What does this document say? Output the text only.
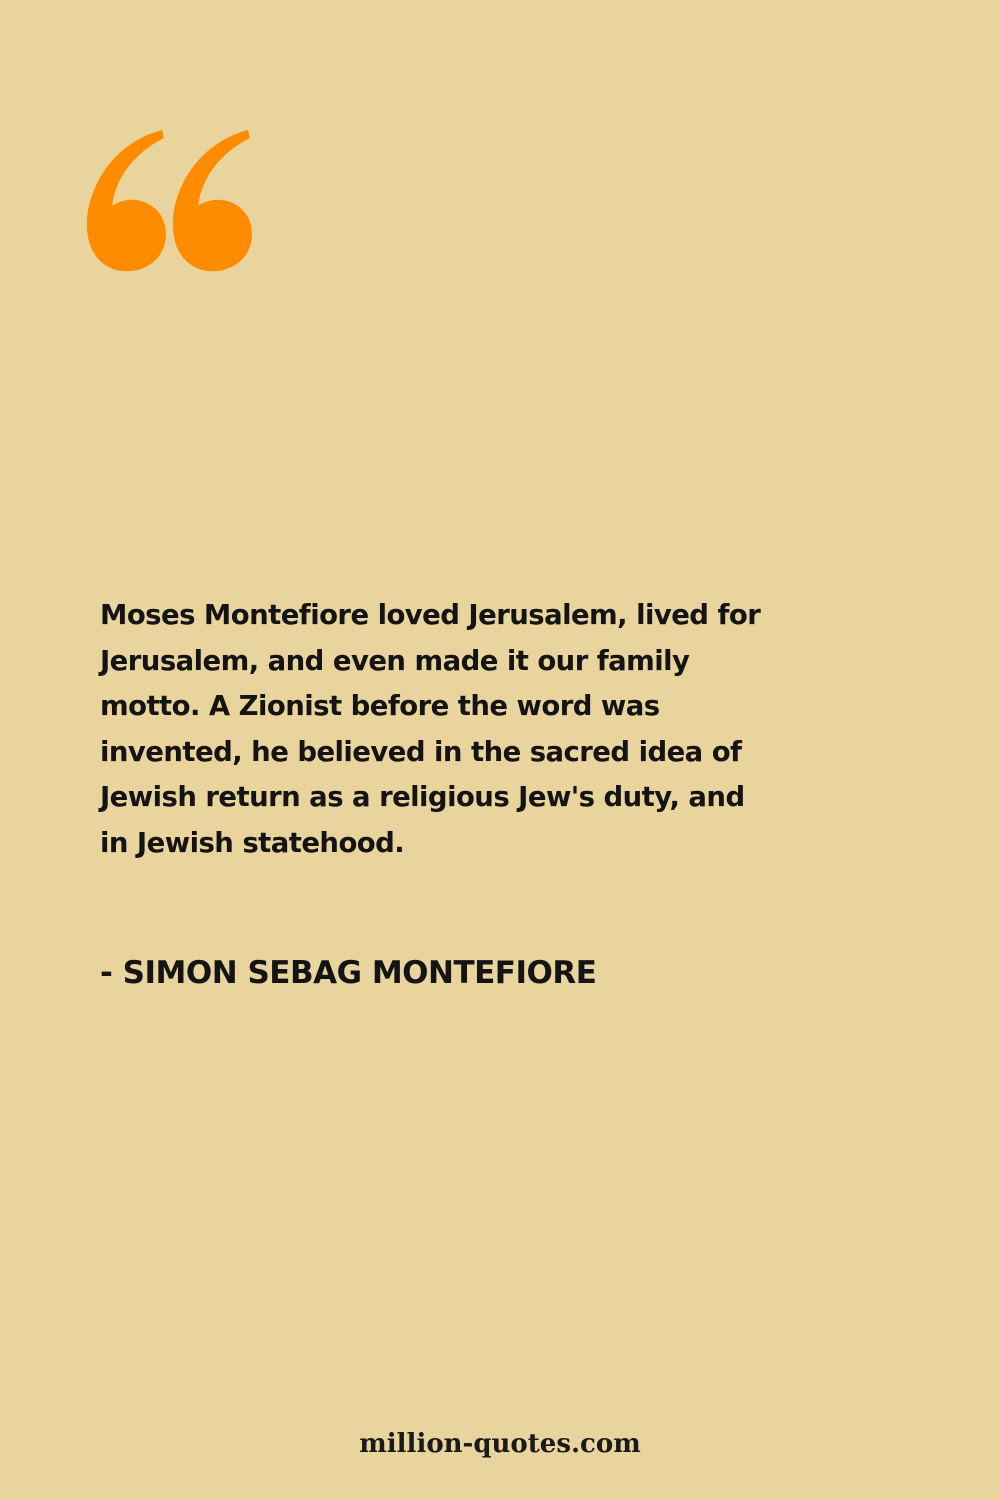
Moses Montefiore loved Jerusalem, lived for
Jerusalem, and even made it our family
motto. A Zionist before the word was
invented, he believed in the sacred idea of
Jewish return as a religious Jew's duty, and
in Jewish statehood.
- SIMON SEBAG MONTEFIORE
million-quotes.com
